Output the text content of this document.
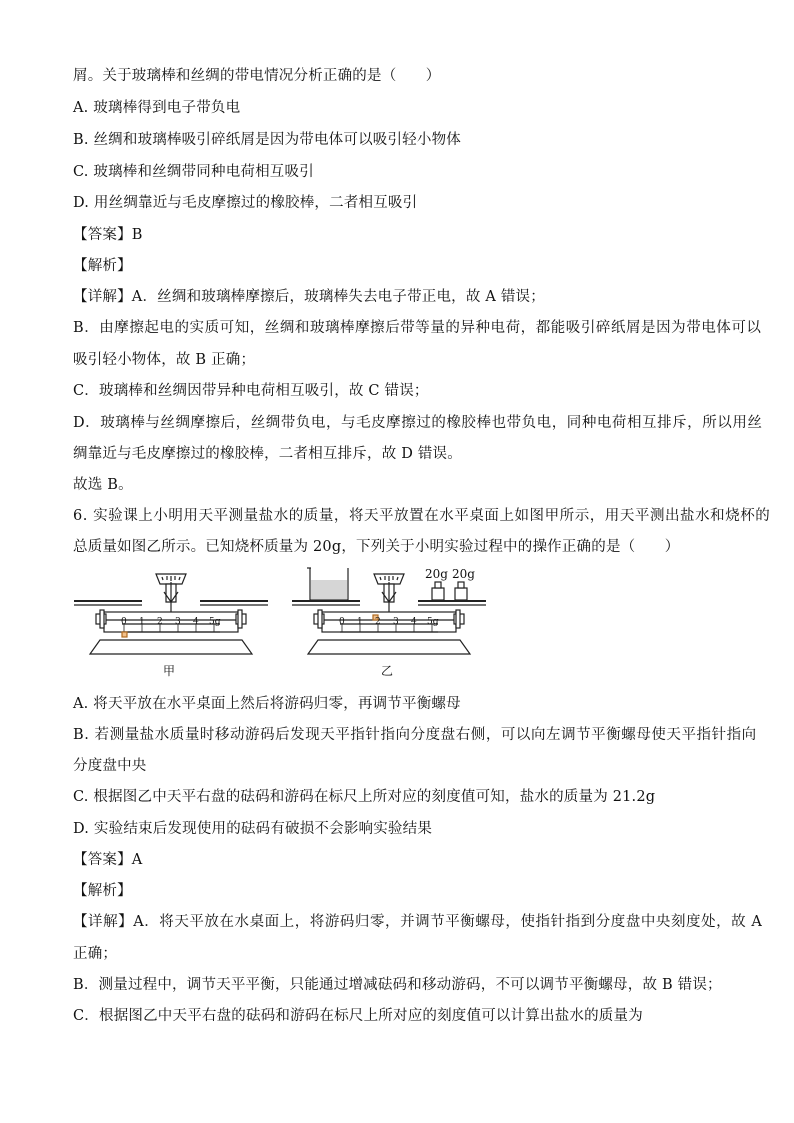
屑。关于玻璃棒和丝绸的带电情况分析正确的是（　　）
A. 玻璃棒得到电子带负电
B. 丝绸和玻璃棒吸引碎纸屑是因为带电体可以吸引轻小物体
C. 玻璃棒和丝绸带同种电荷相互吸引
D. 用丝绸靠近与毛皮摩擦过的橡胶棒，二者相互吸引
【答案】B
【解析】
【详解】A．丝绸和玻璃棒摩擦后，玻璃棒失去电子带正电，故 A 错误；
B．由摩擦起电的实质可知，丝绸和玻璃棒摩擦后带等量的异种电荷，都能吸引碎纸屑是因为带电体可以
吸引轻小物体，故 B 正确；
C．玻璃棒和丝绸因带异种电荷相互吸引，故 C 错误；
D．玻璃棒与丝绸摩擦后，丝绸带负电，与毛皮摩擦过的橡胶棒也带负电，同种电荷相互排斥，所以用丝
绸靠近与毛皮摩擦过的橡胶棒，二者相互排斥，故 D 错误。
故选 B。
6. 实验课上小明用天平测量盐水的质量，将天平放置在水平桌面上如图甲所示，用天平测出盐水和烧杯的
总质量如图乙所示。已知烧杯质量为 20g，下列关于小明实验过程中的操作正确的是（　　）
0 1 2 3 4 5g
甲
0 1 2 3 4 5g
20g 20g
乙
A. 将天平放在水平桌面上然后将游码归零，再调节平衡螺母
B. 若测量盐水质量时移动游码后发现天平指针指向分度盘右侧，可以向左调节平衡螺母使天平指针指向
分度盘中央
C. 根据图乙中天平右盘的砝码和游码在标尺上所对应的刻度值可知，盐水的质量为 21.2g
D. 实验结束后发现使用的砝码有破损不会影响实验结果
【答案】A
【解析】
【详解】A．将天平放在水桌面上，将游码归零，并调节平衡螺母，使指针指到分度盘中央刻度处，故 A
正确；
B．测量过程中，调节天平平衡，只能通过增减砝码和移动游码，不可以调节平衡螺母，故 B 错误；
C．根据图乙中天平右盘的砝码和游码在标尺上所对应的刻度值可以计算出盐水的质量为
